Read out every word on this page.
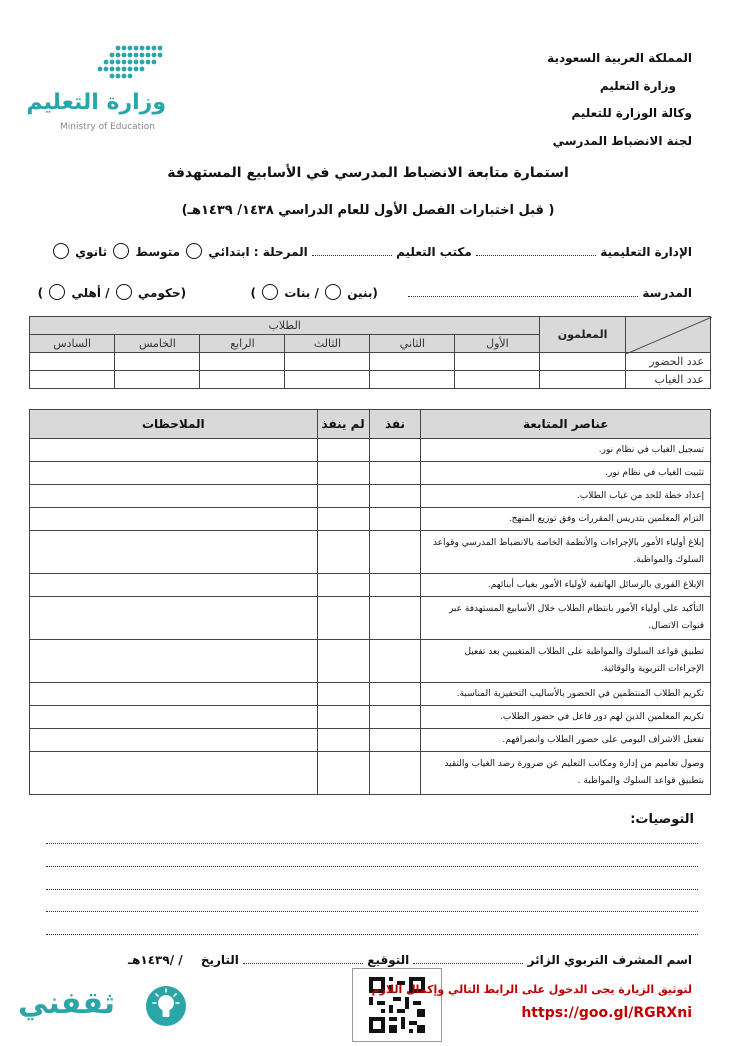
وزارة التعليم
Ministry of Education
المملكة العربية السعودية
وزارة التعليم
وكالة الوزارة للتعليم
لجنة الانضباط المدرسي
استمارة متابعة الانضباط المدرسي في الأسابيع المستهدفة
( قبل اختبارات الفصل الأول للعام الدراسي ١٤٣٨/ ١٤٣٩هـ)
الإدارة التعليمية  مكتب التعليم  المرحلة : ابتدائي  متوسط  ثانوي
المدرسة   (بنين  / بنات  )  (حكومي  / أهلي  )
	المعلمون	الطلاب					
		الأول	الثاني	الثالث	الرابع	الخامس	السادس
عدد الحضور							
عدد الغياب							
عناصر المتابعة	نفذ	لم ينفذ	الملاحظات
تسجيل الغياب في نظام نور.			
تثبيت الغياب في نظام نور.			
إعداد خطة للحد من غياب الطلاب.			
التزام المعلمين بتدريس المقررات وفق توزيع المنهج.			
إبلاغ أولياء الأمور بالإجراءات والأنظمة الخاصة بالانضباط المدرسي وقواعد السلوك والمواظبة.			
الإبلاغ الفوري بالرسائل الهاتفية لأولياء الأمور بغياب أبنائهم.			
التأكيد على أولياء الأمور بانتظام الطلاب خلال الأسابيع المستهدفة عبر قنوات الاتصال.			
تطبيق قواعد السلوك والمواظبة على الطلاب المتغيبين بعد تفعيل الإجراءات التربوية والوقائية.			
تكريم الطلاب المنتظمين في الحضور بالأساليب التحفيزية المناسبة.			
تكريم المعلمين الذين لهم دور فاعل في حضور الطلاب.			
تفعيل الاشراف اليومي على حضور الطلاب وانصرافهم.			
وصول تعاميم من إدارة ومكاتب التعليم عن ضرورة رصد الغياب والتقيد بتطبيق قواعد السلوك والمواظبة .			
التوصيات:
اسم المشرف التربوي الزائر  التوقيع  التاريخ / /١٤٣٩هـ
لتوثيق الزيارة يجى الدخول على الرابط التالي وإكمال اللازم
https://goo.gl/RGRXni
ثقفني
